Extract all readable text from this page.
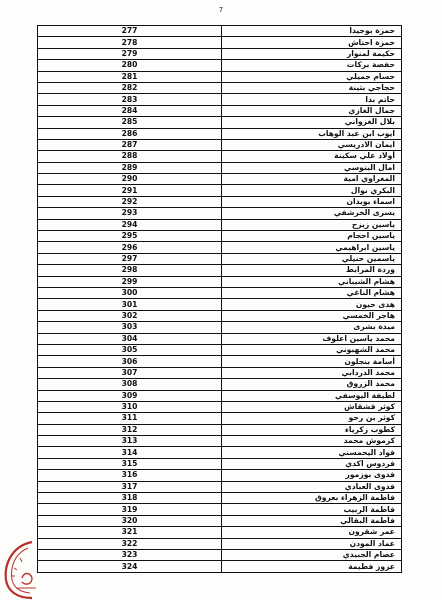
7
حمزة بوجيدا	277
حمزة احتاش	278
حكيمة لمنوار	279
حفصة بركات	280
حسام جميلي	281
حجاجي بثينة	282
حاتم بدا	283
جمال الغازي	284
بلال الغزواني	285
ايوب ابن عبد الوهاب	286
ايمان الادريسي	287
أولاد علي سكينة	288
امال اليتوسي	289
المغراوي امية	290
البكري نوال	291
اسماء بويدان	292
يسرى الخرشفي	293
ياسين زيزح	294
ياسين احجام	295
ياسين ابراهيمي	296
ياسمين حنيلي	297
وردة المرابط	298
هشام الشيباني	299
هشام الناغي	300
هدى حيون	301
هاجر الخمسي	302
ميدة بشرى	303
محمد ياسين اعلوف	304
محمد الشهبوني	305
أسامة بنجلون	306
محمد الدردابي	307
محمد الزروق	308
لطيفة اليوسفي	309
كوثر قشقاش	310
كوثر بن رحو	311
كطوب زكرياء	312
كرموش محمد	313
فواد اليحمسني	314
فردوس اكدي	315
فدوى بوزمور	316
فدوى العبادي	317
فاطمة الزهراء بعروق	318
فاطمة الربيب	319
فاطمة البقالي	320
عمر شقرون	321
عماد المودن	322
عصام الجبيدي	323
عزوز فطيمة	324
